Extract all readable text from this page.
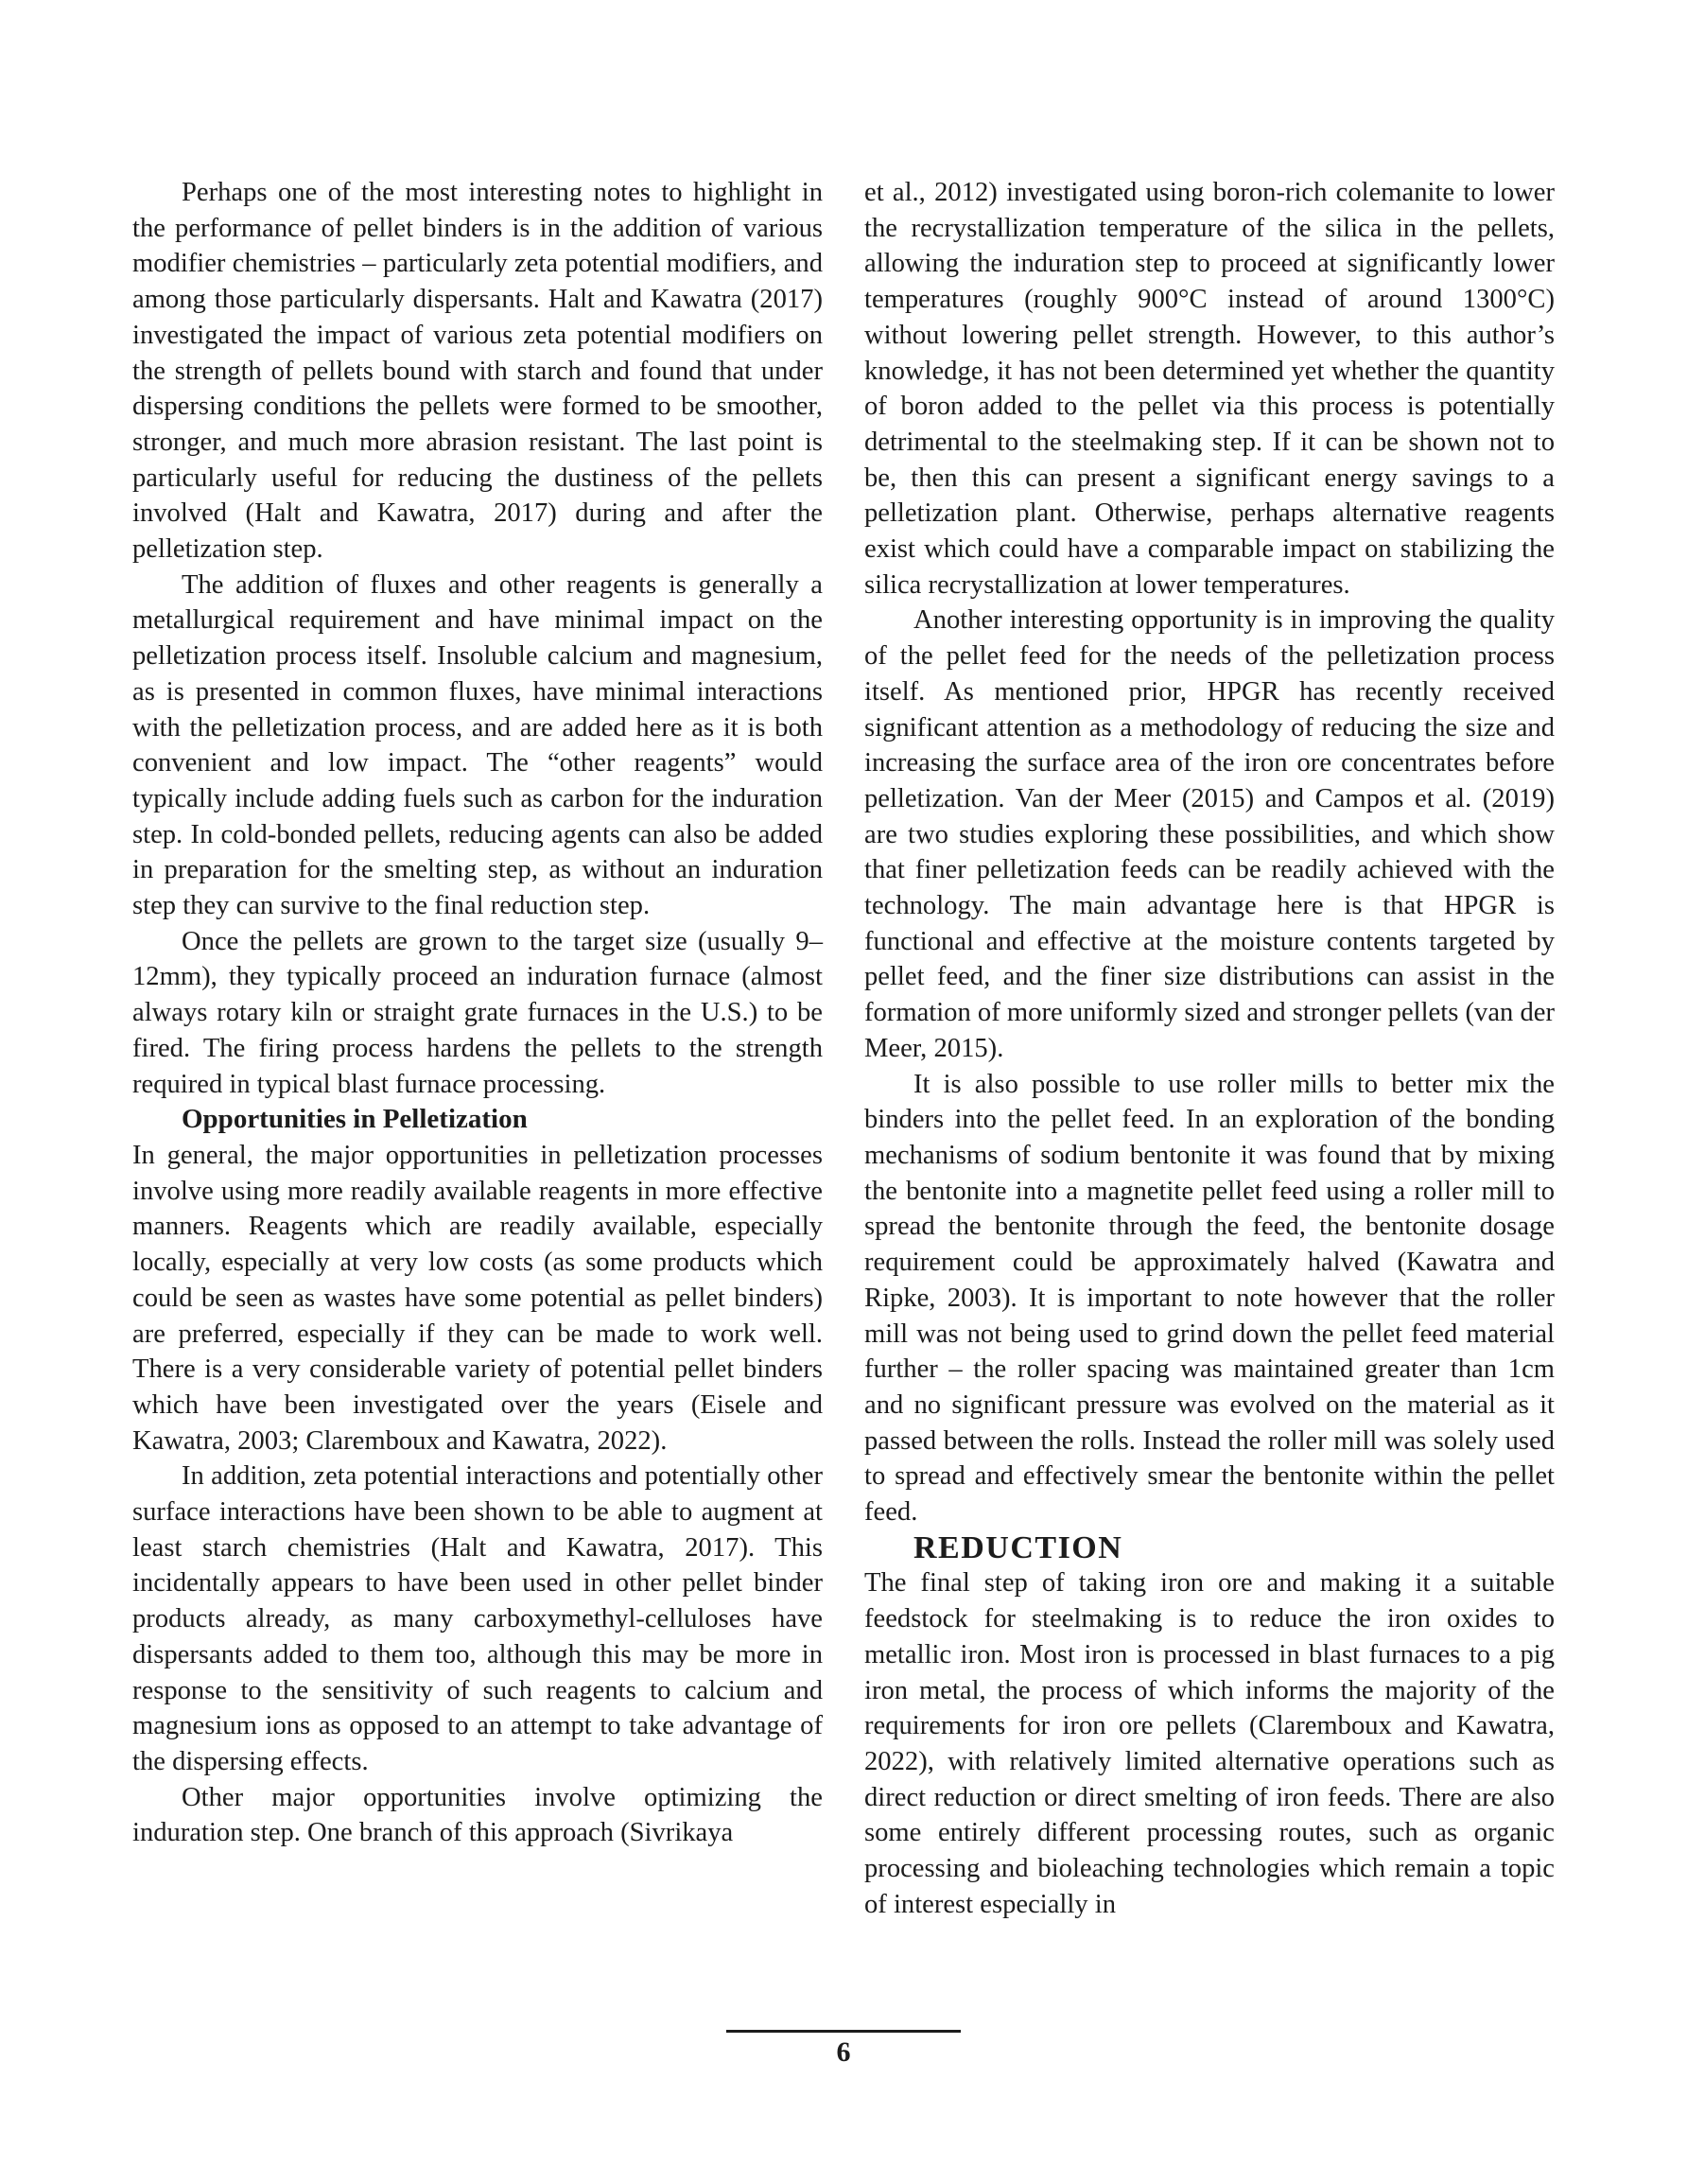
Perhaps one of the most interesting notes to highlight in the performance of pellet binders is in the addition of various modifier chemistries – particularly zeta potential modifiers, and among those particularly dispersants. Halt and Kawatra (2017) investigated the impact of various zeta potential modifiers on the strength of pellets bound with starch and found that under dispersing conditions the pellets were formed to be smoother, stronger, and much more abrasion resistant. The last point is particularly useful for reducing the dustiness of the pellets involved (Halt and Kawatra, 2017) during and after the pelletization step.

The addition of fluxes and other reagents is generally a metallurgical requirement and have minimal impact on the pelletization process itself. Insoluble calcium and magnesium, as is presented in common fluxes, have minimal interactions with the pelletization process, and are added here as it is both convenient and low impact. The “other reagents” would typically include adding fuels such as carbon for the induration step. In cold-bonded pellets, reducing agents can also be added in preparation for the smelting step, as without an induration step they can survive to the final reduction step.

Once the pellets are grown to the target size (usually 9–12mm), they typically proceed an induration furnace (almost always rotary kiln or straight grate furnaces in the U.S.) to be fired. The firing process hardens the pellets to the strength required in typical blast furnace processing.

Opportunities in Pelletization

In general, the major opportunities in pelletization processes involve using more readily available reagents in more effective manners. Reagents which are readily available, especially locally, especially at very low costs (as some products which could be seen as wastes have some potential as pellet binders) are preferred, especially if they can be made to work well. There is a very considerable variety of potential pellet binders which have been investigated over the years (Eisele and Kawatra, 2003; Claremboux and Kawatra, 2022).

In addition, zeta potential interactions and potentially other surface interactions have been shown to be able to augment at least starch chemistries (Halt and Kawatra, 2017). This incidentally appears to have been used in other pellet binder products already, as many carboxymethyl-celluloses have dispersants added to them too, although this may be more in response to the sensitivity of such reagents to calcium and magnesium ions as opposed to an attempt to take advantage of the dispersing effects.

Other major opportunities involve optimizing the induration step. One branch of this approach (Sivrikaya

et al., 2012) investigated using boron-rich colemanite to lower the recrystallization temperature of the silica in the pellets, allowing the induration step to proceed at significantly lower temperatures (roughly 900°C instead of around 1300°C) without lowering pellet strength. However, to this author’s knowledge, it has not been determined yet whether the quantity of boron added to the pellet via this process is potentially detrimental to the steelmaking step. If it can be shown not to be, then this can present a significant energy savings to a pelletization plant. Otherwise, perhaps alternative reagents exist which could have a comparable impact on stabilizing the silica recrystallization at lower temperatures.

Another interesting opportunity is in improving the quality of the pellet feed for the needs of the pelletization process itself. As mentioned prior, HPGR has recently received significant attention as a methodology of reducing the size and increasing the surface area of the iron ore concentrates before pelletization. Van der Meer (2015) and Campos et al. (2019) are two studies exploring these possibilities, and which show that finer pelletization feeds can be readily achieved with the technology. The main advantage here is that HPGR is functional and effective at the moisture contents targeted by pellet feed, and the finer size distributions can assist in the formation of more uniformly sized and stronger pellets (van der Meer, 2015).

It is also possible to use roller mills to better mix the binders into the pellet feed. In an exploration of the bonding mechanisms of sodium bentonite it was found that by mixing the bentonite into a magnetite pellet feed using a roller mill to spread the bentonite through the feed, the bentonite dosage requirement could be approximately halved (Kawatra and Ripke, 2003). It is important to note however that the roller mill was not being used to grind down the pellet feed material further – the roller spacing was maintained greater than 1cm and no significant pressure was evolved on the material as it passed between the rolls. Instead the roller mill was solely used to spread and effectively smear the bentonite within the pellet feed.

REDUCTION

The final step of taking iron ore and making it a suitable feedstock for steelmaking is to reduce the iron oxides to metallic iron. Most iron is processed in blast furnaces to a pig iron metal, the process of which informs the majority of the requirements for iron ore pellets (Claremboux and Kawatra, 2022), with relatively limited alternative operations such as direct reduction or direct smelting of iron feeds. There are also some entirely different processing routes, such as organic processing and bioleaching technologies which remain a topic of interest especially in

6
